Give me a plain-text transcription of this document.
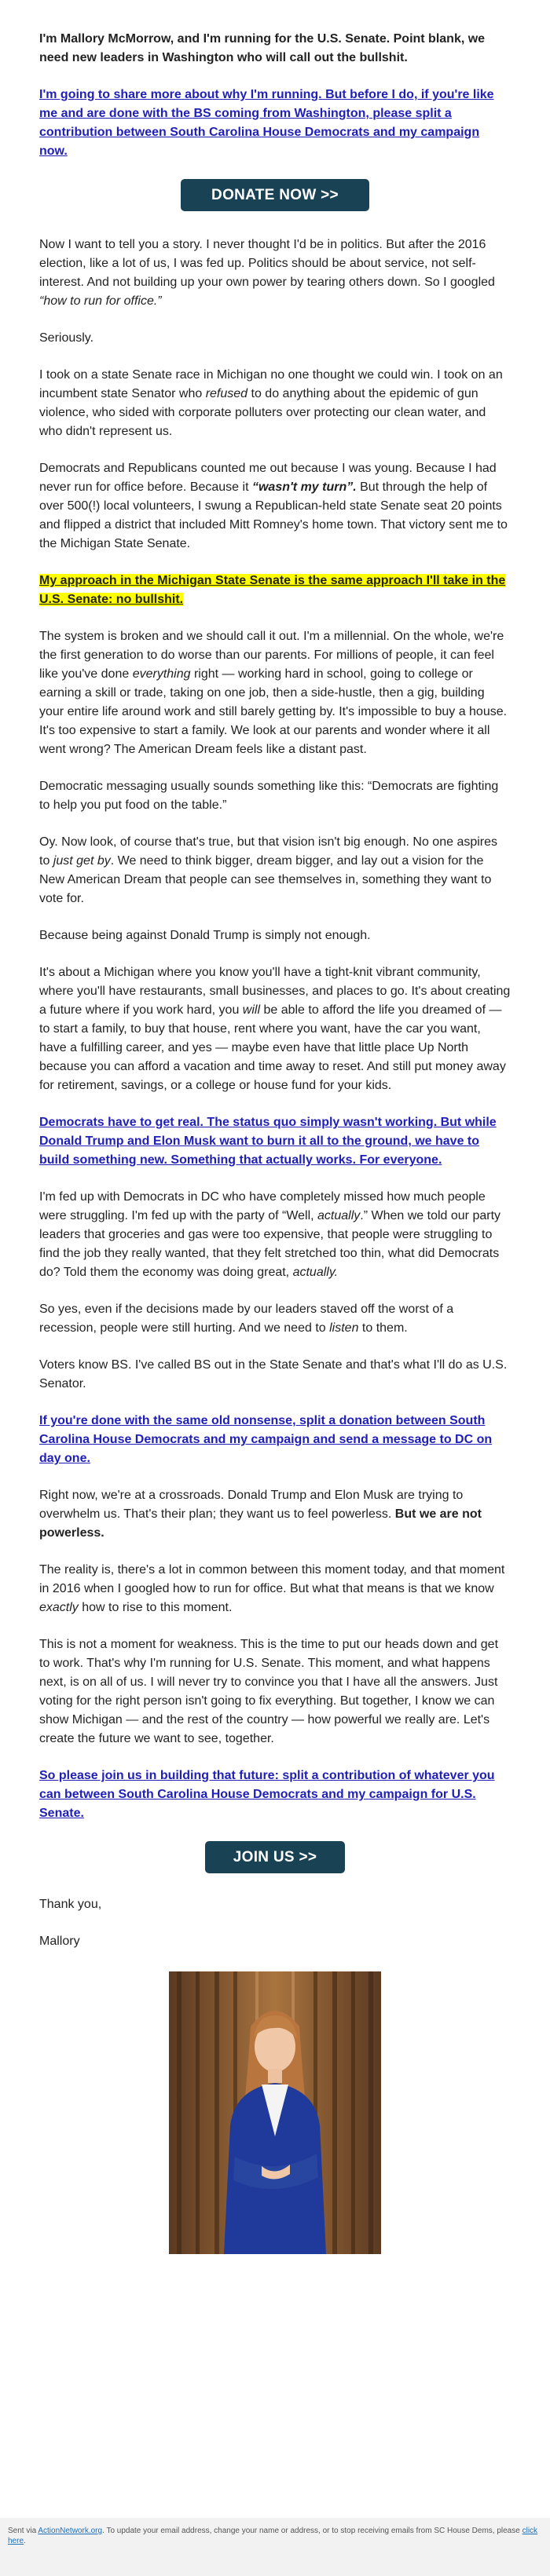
I'm Mallory McMorrow, and I'm running for the U.S. Senate. Point blank, we need new leaders in Washington who will call out the bullshit.

I'm going to share more about why I'm running. But before I do, if you're like me and are done with the BS coming from Washington, please split a contribution between South Carolina House Democrats and my campaign now.

DONATE NOW >>

Now I want to tell you a story. I never thought I'd be in politics. But after the 2016 election, like a lot of us, I was fed up. Politics should be about service, not self-interest. And not building up your own power by tearing others down. So I googled “how to run for office.”

Seriously.

I took on a state Senate race in Michigan no one thought we could win. I took on an incumbent state Senator who refused to do anything about the epidemic of gun violence, who sided with corporate polluters over protecting our clean water, and who didn't represent us.

Democrats and Republicans counted me out because I was young. Because I had never run for office before. Because it “wasn't my turn”. But through the help of over 500(!) local volunteers, I swung a Republican-held state Senate seat 20 points and flipped a district that included Mitt Romney's home town. That victory sent me to the Michigan State Senate.

My approach in the Michigan State Senate is the same approach I'll take in the U.S. Senate: no bullshit.

The system is broken and we should call it out. I'm a millennial. On the whole, we're the first generation to do worse than our parents. For millions of people, it can feel like you've done everything right — working hard in school, going to college or earning a skill or trade, taking on one job, then a side-hustle, then a gig, building your entire life around work and still barely getting by. It's impossible to buy a house. It's too expensive to start a family. We look at our parents and wonder where it all went wrong? The American Dream feels like a distant past.

Democratic messaging usually sounds something like this: “Democrats are fighting to help you put food on the table.”

Oy. Now look, of course that's true, but that vision isn't big enough. No one aspires to just get by. We need to think bigger, dream bigger, and lay out a vision for the New American Dream that people can see themselves in, something they want to vote for.

Because being against Donald Trump is simply not enough.

It's about a Michigan where you know you'll have a tight-knit vibrant community, where you'll have restaurants, small businesses, and places to go. It's about creating a future where if you work hard, you will be able to afford the life you dreamed of — to start a family, to buy that house, rent where you want, have the car you want, have a fulfilling career, and yes — maybe even have that little place Up North because you can afford a vacation and time away to reset. And still put money away for retirement, savings, or a college or house fund for your kids.

Democrats have to get real. The status quo simply wasn't working. But while Donald Trump and Elon Musk want to burn it all to the ground, we have to build something new. Something that actually works. For everyone.

I'm fed up with Democrats in DC who have completely missed how much people were struggling. I'm fed up with the party of “Well, actually.” When we told our party leaders that groceries and gas were too expensive, that people were struggling to find the job they really wanted, that they felt stretched too thin, what did Democrats do? Told them the economy was doing great, actually.

So yes, even if the decisions made by our leaders staved off the worst of a recession, people were still hurting. And we need to listen to them.

Voters know BS. I've called BS out in the State Senate and that's what I'll do as U.S. Senator.

If you're done with the same old nonsense, split a donation between South Carolina House Democrats and my campaign and send a message to DC on day one.

Right now, we're at a crossroads. Donald Trump and Elon Musk are trying to overwhelm us. That's their plan; they want us to feel powerless. But we are not powerless.

The reality is, there's a lot in common between this moment today, and that moment in 2016 when I googled how to run for office. But what that means is that we know exactly how to rise to this moment.

This is not a moment for weakness. This is the time to put our heads down and get to work. That's why I'm running for U.S. Senate. This moment, and what happens next, is on all of us. I will never try to convince you that I have all the answers. Just voting for the right person isn't going to fix everything. But together, I know we can show Michigan — and the rest of the country — how powerful we really are. Let's create the future we want to see, together.

So please join us in building that future: split a contribution of whatever you can between South Carolina House Democrats and my campaign for U.S. Senate.

JOIN US >>

Thank you,

Mallory

Sent via ActionNetwork.org. To update your email address, change your name or address, or to stop receiving emails from SC House Dems, please click here.
